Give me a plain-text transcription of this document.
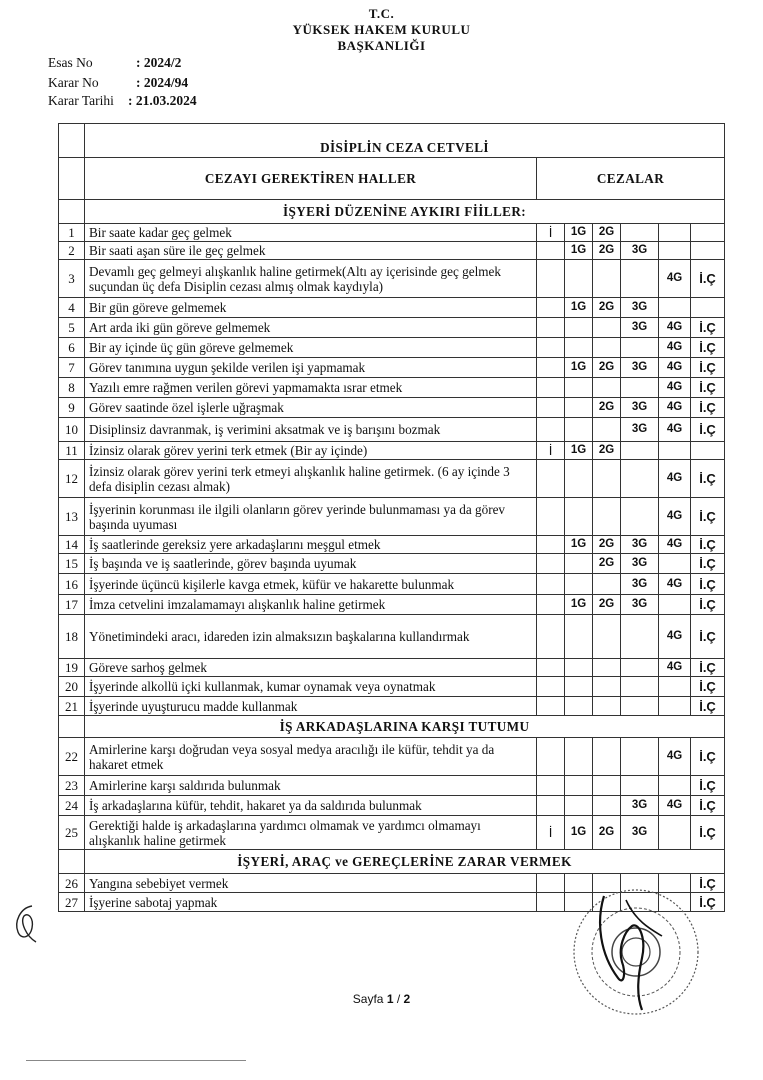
T.C.
YÜKSEK HAKEM KURULU
BAŞKANLIĞI
Esas No	: 2024/2
Karar No	: 2024/94
Karar Tarihi : 21.03.2024
	DİSİPLİN CEZA CETVELİ						
	CEZAYI GEREKTİREN HALLER	CEZALAR					
	İŞYERİ DÜZENİNE AYKIRI FİİLLER:						
1	Bir saate kadar geç gelmek	İ	1G	2G			
2	Bir saati aşan süre ile geç gelmek		1G	2G	3G		
3	Devamlı geç gelmeyi alışkanlık haline getirmek(Altı ay içerisinde geç gelmek suçundan üç defa Disiplin cezası almış olmak kaydıyla)					4G	İ.Ç
4	Bir gün göreve gelmemek		1G	2G	3G		
5	Art arda iki gün göreve gelmemek				3G	4G	İ.Ç
6	Bir ay içinde üç gün göreve gelmemek					4G	İ.Ç
7	Görev tanımına uygun şekilde verilen işi yapmamak		1G	2G	3G	4G	İ.Ç
8	Yazılı emre rağmen verilen görevi yapmamakta ısrar etmek					4G	İ.Ç
9	Görev saatinde özel işlerle uğraşmak			2G	3G	4G	İ.Ç
10	Disiplinsiz davranmak, iş verimini aksatmak ve iş barışını bozmak				3G	4G	İ.Ç
11	İzinsiz olarak görev yerini terk etmek (Bir ay içinde)	İ	1G	2G			
12	İzinsiz olarak görev yerini terk etmeyi alışkanlık haline getirmek. (6 ay içinde 3 defa disiplin cezası almak)					4G	İ.Ç
13	İşyerinin korunması ile ilgili olanların görev yerinde bulunmaması ya da görev başında uyuması					4G	İ.Ç
14	İş saatlerinde gereksiz yere arkadaşlarını meşgul etmek		1G	2G	3G	4G	İ.Ç
15	İş başında ve iş saatlerinde, görev başında uyumak			2G	3G		İ.Ç
16	İşyerinde üçüncü kişilerle kavga etmek, küfür ve hakarette bulunmak				3G	4G	İ.Ç
17	İmza cetvelini imzalamamayı alışkanlık haline getirmek		1G	2G	3G		İ.Ç
18	Yönetimindeki aracı, idareden izin almaksızın başkalarına kullandırmak					4G	İ.Ç
19	Göreve sarhoş gelmek					4G	İ.Ç
20	İşyerinde alkollü içki kullanmak, kumar oynamak veya oynatmak						İ.Ç
21	İşyerinde uyuşturucu madde kullanmak						İ.Ç
	İŞ ARKADAŞLARINA KARŞI TUTUMU						
22	Amirlerine karşı doğrudan veya sosyal medya aracılığı ile küfür, tehdit ya da hakaret etmek					4G	İ.Ç
23	Amirlerine karşı saldırıda bulunmak						İ.Ç
24	İş arkadaşlarına küfür, tehdit, hakaret ya da saldırıda bulunmak				3G	4G	İ.Ç
25	Gerektiği halde iş arkadaşlarına yardımcı olmamak ve yardımcı olmamayı alışkanlık haline getirmek	İ	1G	2G	3G		İ.Ç
	İŞYERİ, ARAÇ ve GEREÇLERİNE ZARAR VERMEK						
26	Yangına sebebiyet vermek						İ.Ç
27	İşyerine sabotaj yapmak						İ.Ç
Sayfa 1 / 2
